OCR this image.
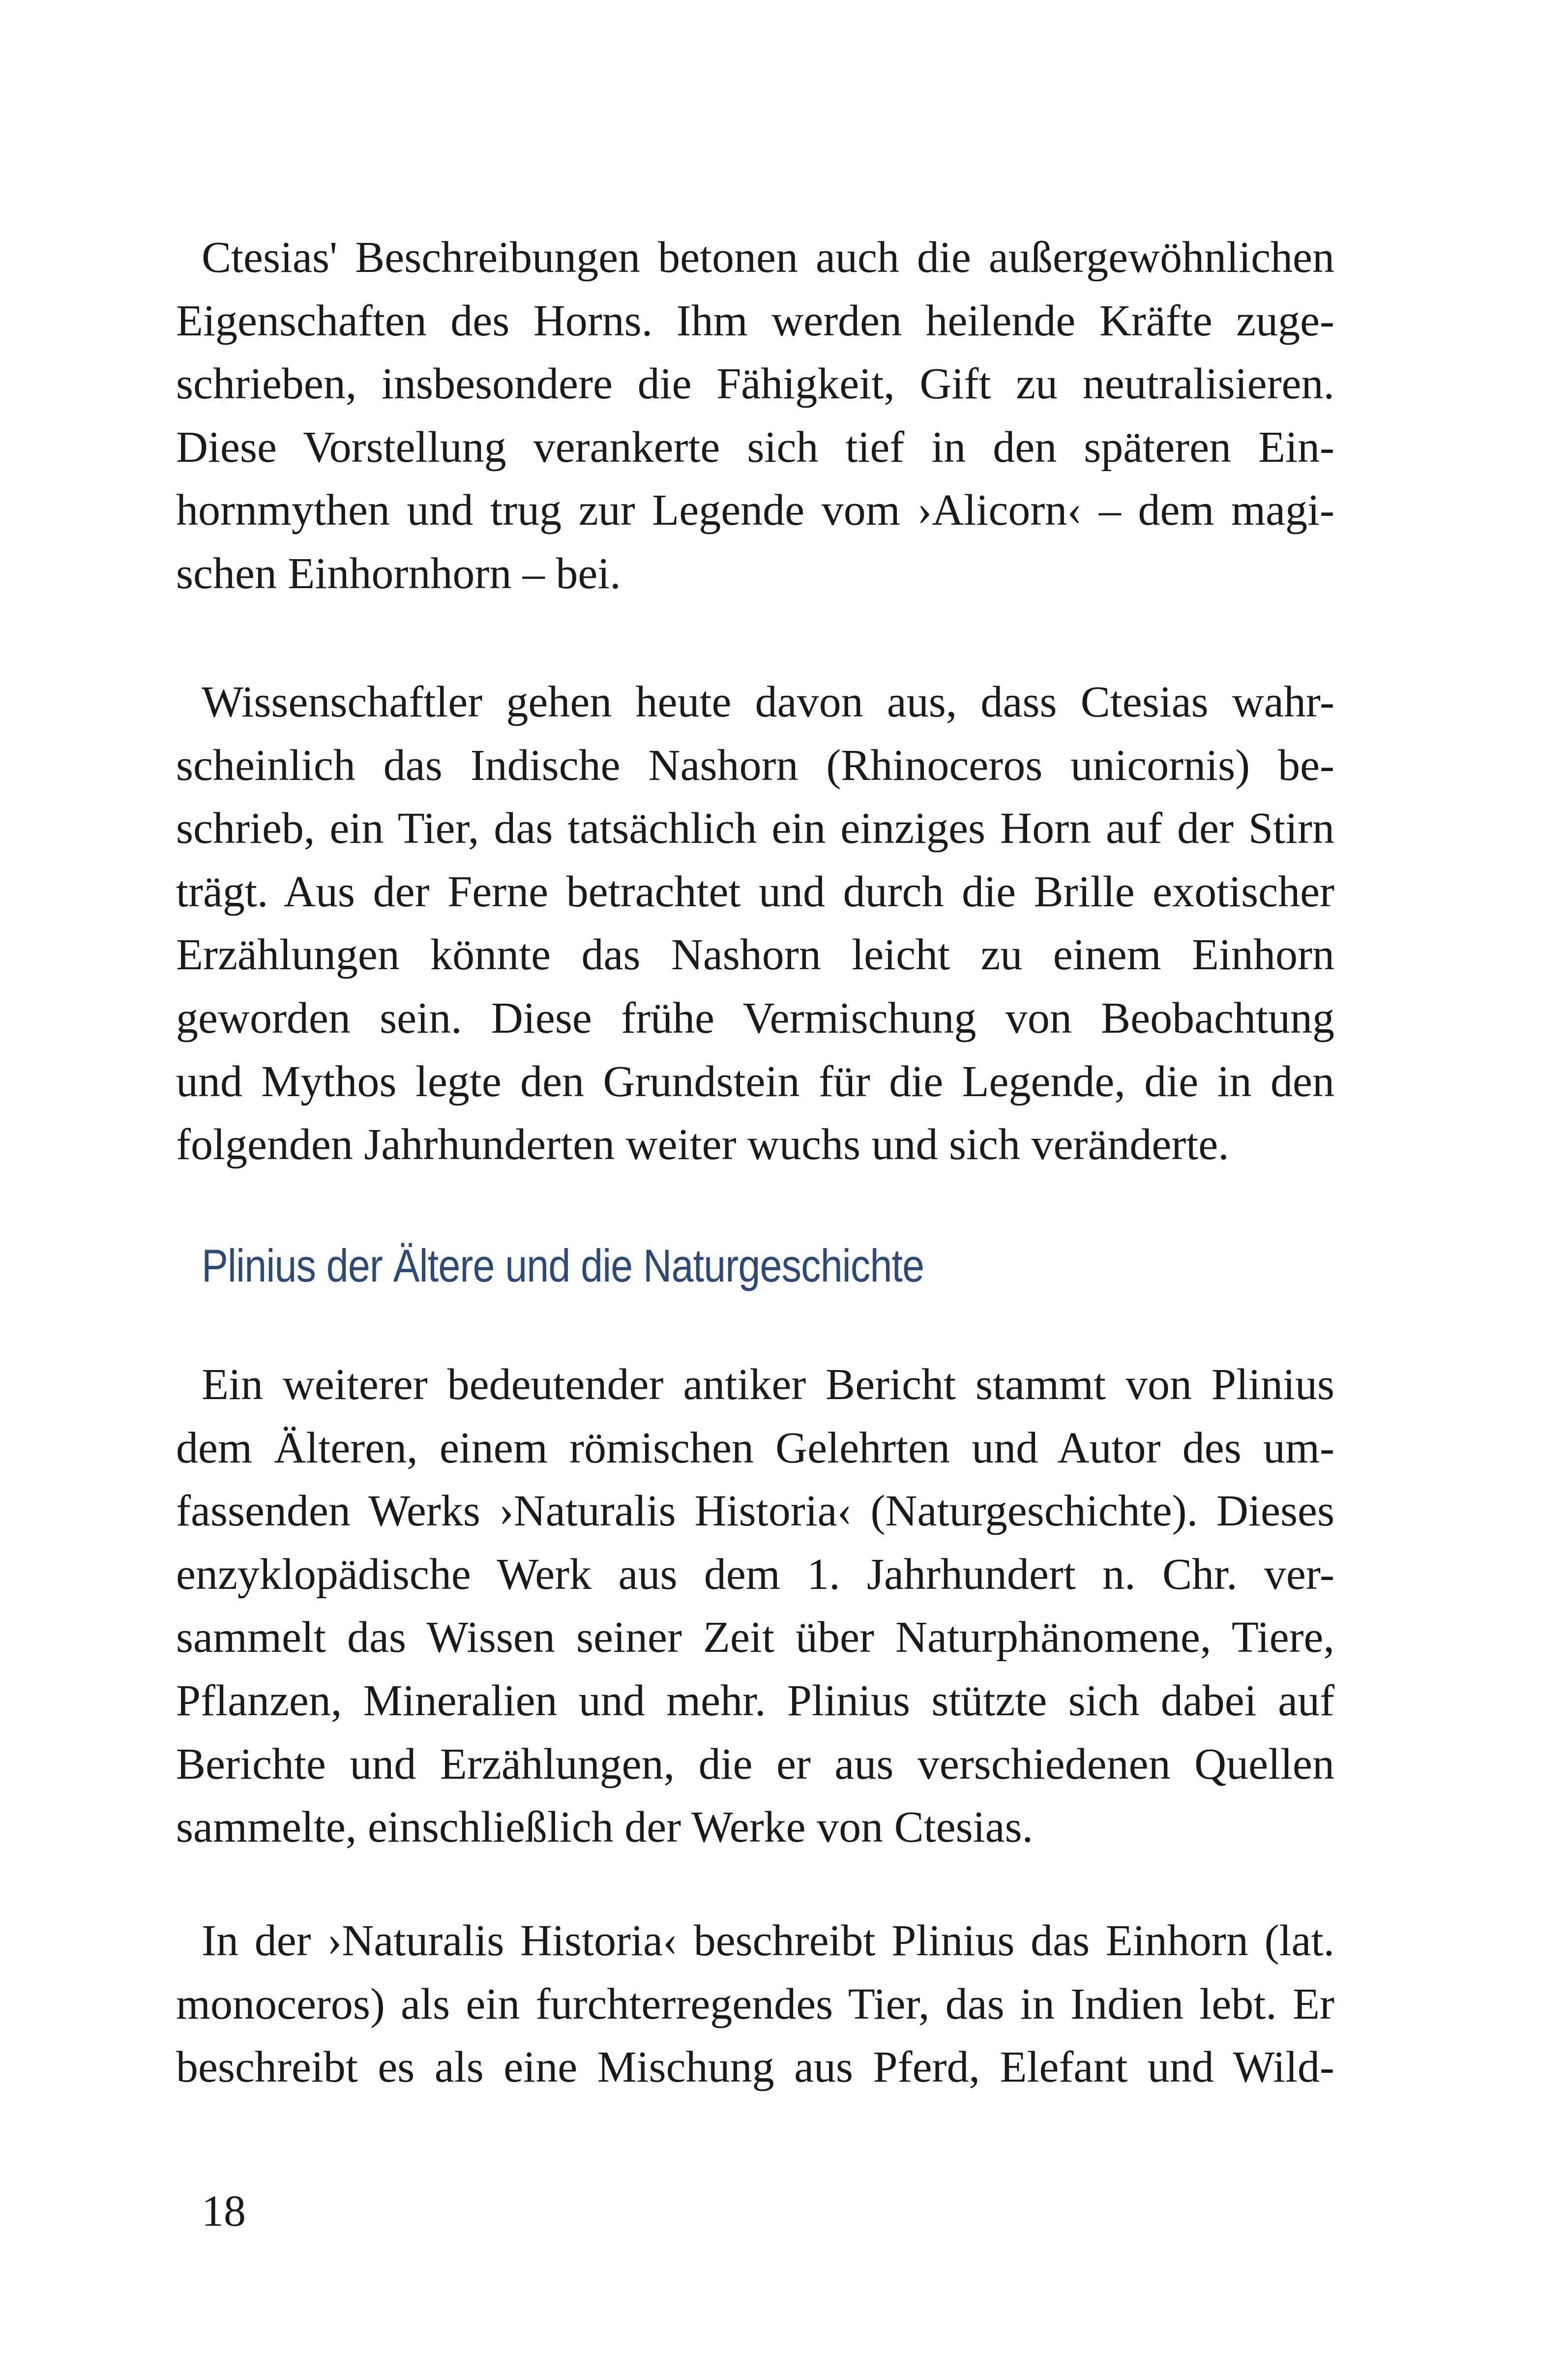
Ctesias' Beschreibungen betonen auch die außergewöhnlichen
Eigenschaften des Horns. Ihm werden heilende Kräfte zuge-
schrieben, insbesondere die Fähigkeit, Gift zu neutralisieren.
Diese Vorstellung verankerte sich tief in den späteren Ein-
hornmythen und trug zur Legende vom ›Alicorn‹ – dem magi-
schen Einhornhorn – bei.
Wissenschaftler gehen heute davon aus, dass Ctesias wahr-
scheinlich das Indische Nashorn (Rhinoceros unicornis) be-
schrieb, ein Tier, das tatsächlich ein einziges Horn auf der Stirn
trägt. Aus der Ferne betrachtet und durch die Brille exotischer
Erzählungen könnte das Nashorn leicht zu einem Einhorn
geworden sein. Diese frühe Vermischung von Beobachtung
und Mythos legte den Grundstein für die Legende, die in den
folgenden Jahrhunderten weiter wuchs und sich veränderte.
Plinius der Ältere und die Naturgeschichte
Ein weiterer bedeutender antiker Bericht stammt von Plinius
dem Älteren, einem römischen Gelehrten und Autor des um-
fassenden Werks ›Naturalis Historia‹ (Naturgeschichte). Dieses
enzyklopädische Werk aus dem 1. Jahrhundert n. Chr. ver-
sammelt das Wissen seiner Zeit über Naturphänomene, Tiere,
Pflanzen, Mineralien und mehr. Plinius stützte sich dabei auf
Berichte und Erzählungen, die er aus verschiedenen Quellen
sammelte, einschließlich der Werke von Ctesias.
In der ›Naturalis Historia‹ beschreibt Plinius das Einhorn (lat.
monoceros) als ein furchterregendes Tier, das in Indien lebt. Er
beschreibt es als eine Mischung aus Pferd, Elefant und Wild-
18
